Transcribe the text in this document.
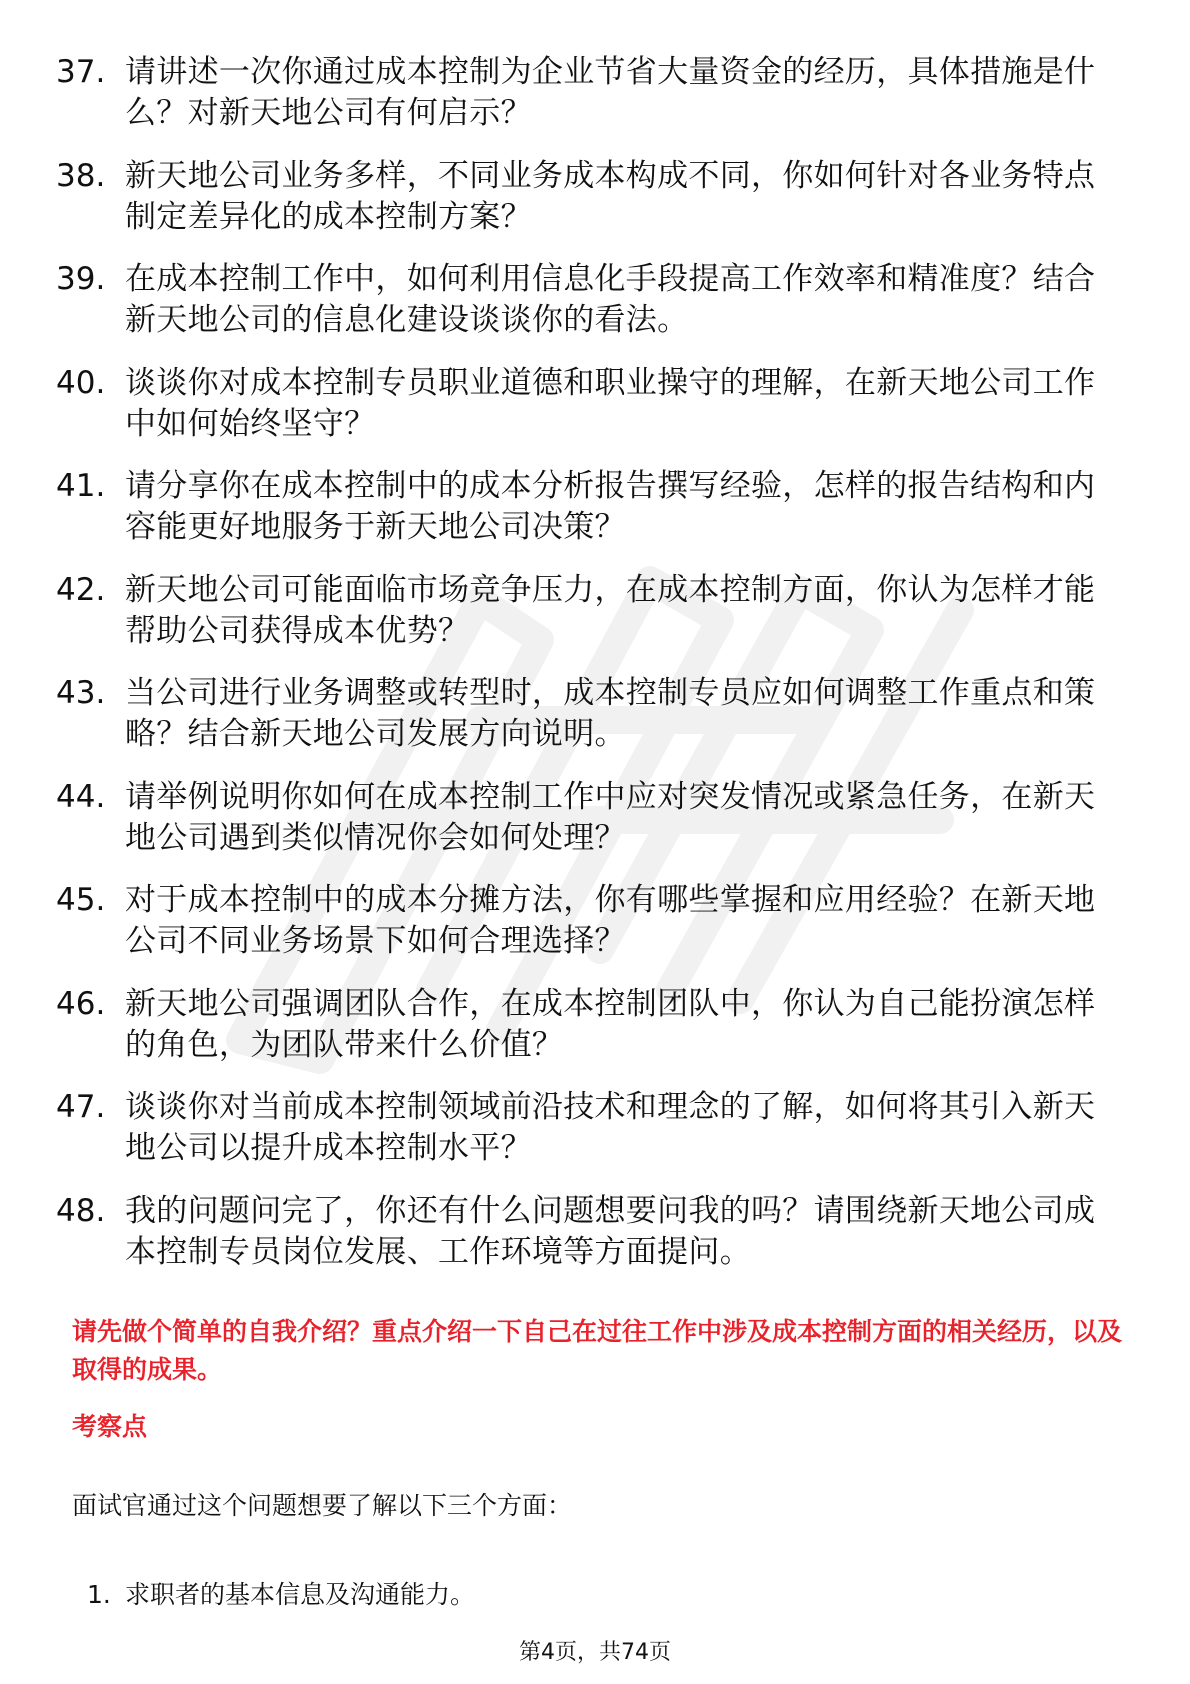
37. 请讲述一次你通过成本控制为企业节省大量资金的经历，具体措施是什么？对新天地公司有何启示？
38. 新天地公司业务多样，不同业务成本构成不同，你如何针对各业务特点制定差异化的成本控制方案？
39. 在成本控制工作中，如何利用信息化手段提高工作效率和精准度？结合新天地公司的信息化建设谈谈你的看法。
40. 谈谈你对成本控制专员职业道德和职业操守的理解，在新天地公司工作中如何始终坚守？
41. 请分享你在成本控制中的成本分析报告撰写经验，怎样的报告结构和内容能更好地服务于新天地公司决策？
42. 新天地公司可能面临市场竞争压力，在成本控制方面，你认为怎样才能帮助公司获得成本优势？
43. 当公司进行业务调整或转型时，成本控制专员应如何调整工作重点和策略？结合新天地公司发展方向说明。
44. 请举例说明你如何在成本控制工作中应对突发情况或紧急任务，在新天地公司遇到类似情况你会如何处理？
45. 对于成本控制中的成本分摊方法，你有哪些掌握和应用经验？在新天地公司不同业务场景下如何合理选择？
46. 新天地公司强调团队合作，在成本控制团队中，你认为自己能扮演怎样的角色，为团队带来什么价值？
47. 谈谈你对当前成本控制领域前沿技术和理念的了解，如何将其引入新天地公司以提升成本控制水平？
48. 我的问题问完了，你还有什么问题想要问我的吗？请围绕新天地公司成本控制专员岗位发展、工作环境等方面提问。

请先做个简单的自我介绍？重点介绍一下自己在过往工作中涉及成本控制方面的相关经历，以及取得的成果。

考察点

面试官通过这个问题想要了解以下三个方面：

1. 求职者的基本信息及沟通能力。
第4页，共74页
